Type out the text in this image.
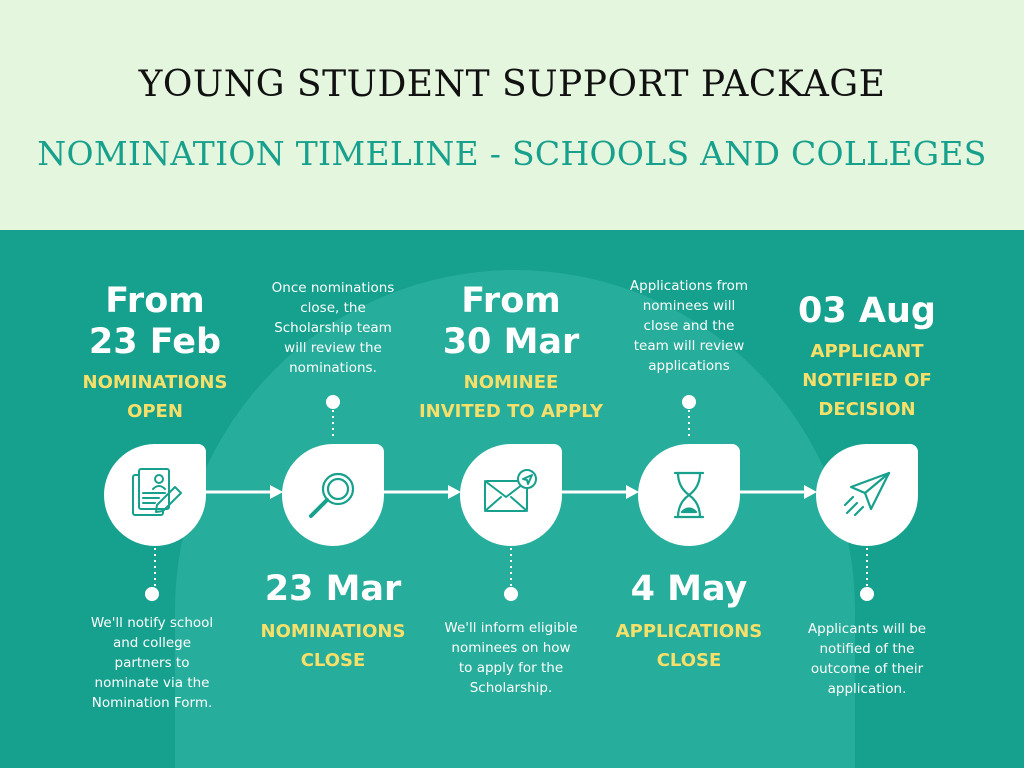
YOUNG STUDENT SUPPORT PACKAGE
NOMINATION TIMELINE - SCHOOLS AND COLLEGES
From
23 Feb
NOMINATIONS
OPEN
We'll notify school
and college
partners to
nominate via the
Nomination Form.
Once nominations
close, the
Scholarship team
will review the
nominations.
23 Mar
NOMINATIONS
CLOSE
From
30 Mar
NOMINEE
INVITED TO APPLY
We'll inform eligible
nominees on how
to apply for the
Scholarship.
Applications from
nominees will
close and the
team will review
applications
4 May
APPLICATIONS
CLOSE
03 Aug
APPLICANT
NOTIFIED OF
DECISION
Applicants will be
notified of the
outcome of their
application.
